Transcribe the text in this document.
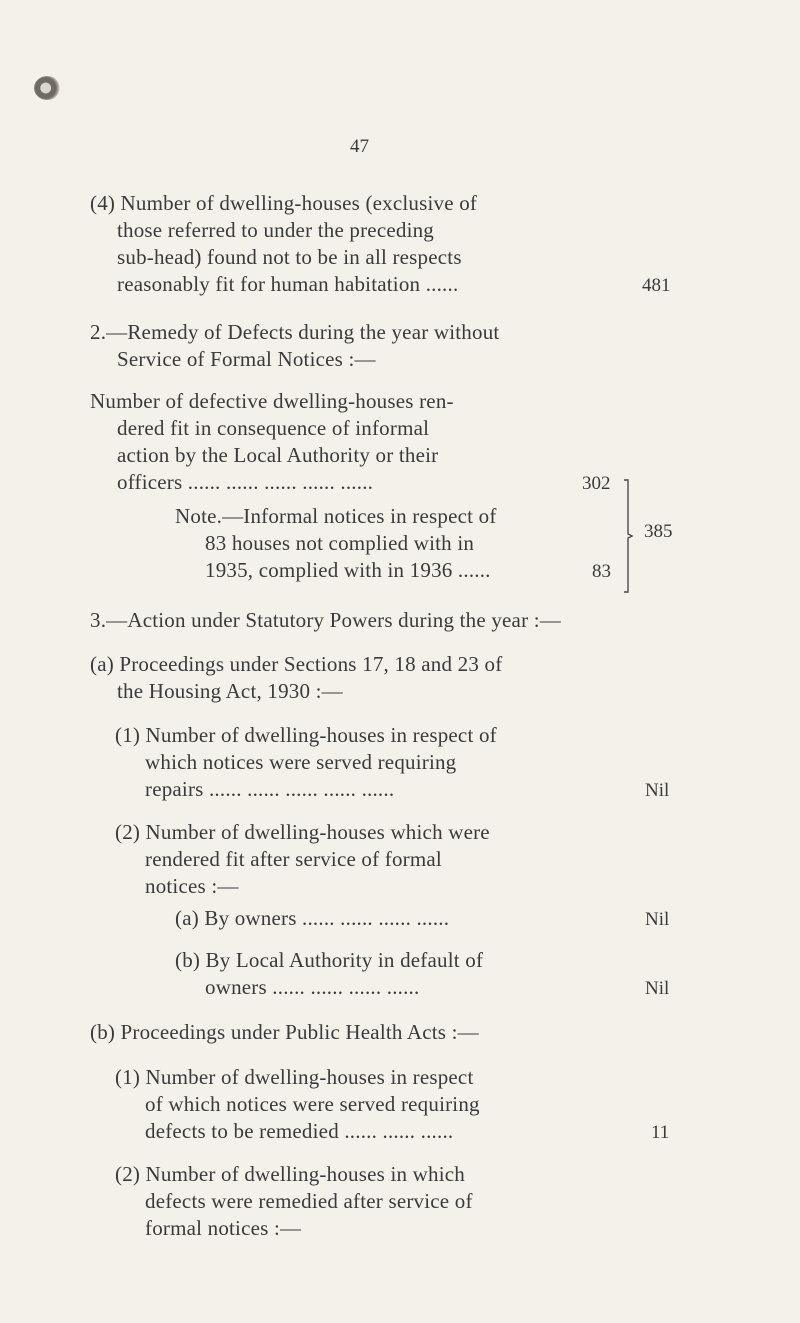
47
(4) Number of dwelling-houses (exclusive of
those referred to under the preceding
sub-head) found not to be in all respects
reasonably fit for human habitation ......	481
2.—Remedy of Defects during the year without
Service of Formal Notices :—
Number of defective dwelling-houses ren-
dered fit in consequence of informal
action by the Local Authority or their
officers ...... ...... ...... ...... ......	302
Note.—Informal notices in respect of
83 houses not complied with in
1935, complied with in 1936 ......	83
385
3.—Action under Statutory Powers during the year :—
(a) Proceedings under Sections 17, 18 and 23 of
the Housing Act, 1930 :—
(1) Number of dwelling-houses in respect of
which notices were served requiring
repairs ...... ...... ...... ...... ......	Nil
(2) Number of dwelling-houses which were
rendered fit after service of formal
notices :—
(a) By owners ...... ...... ...... ......	Nil
(b) By Local Authority in default of
owners ...... ...... ...... ......	Nil
(b) Proceedings under Public Health Acts :—
(1) Number of dwelling-houses in respect
of which notices were served requiring
defects to be remedied ...... ...... ......	11
(2) Number of dwelling-houses in which
defects were remedied after service of
formal notices :—
